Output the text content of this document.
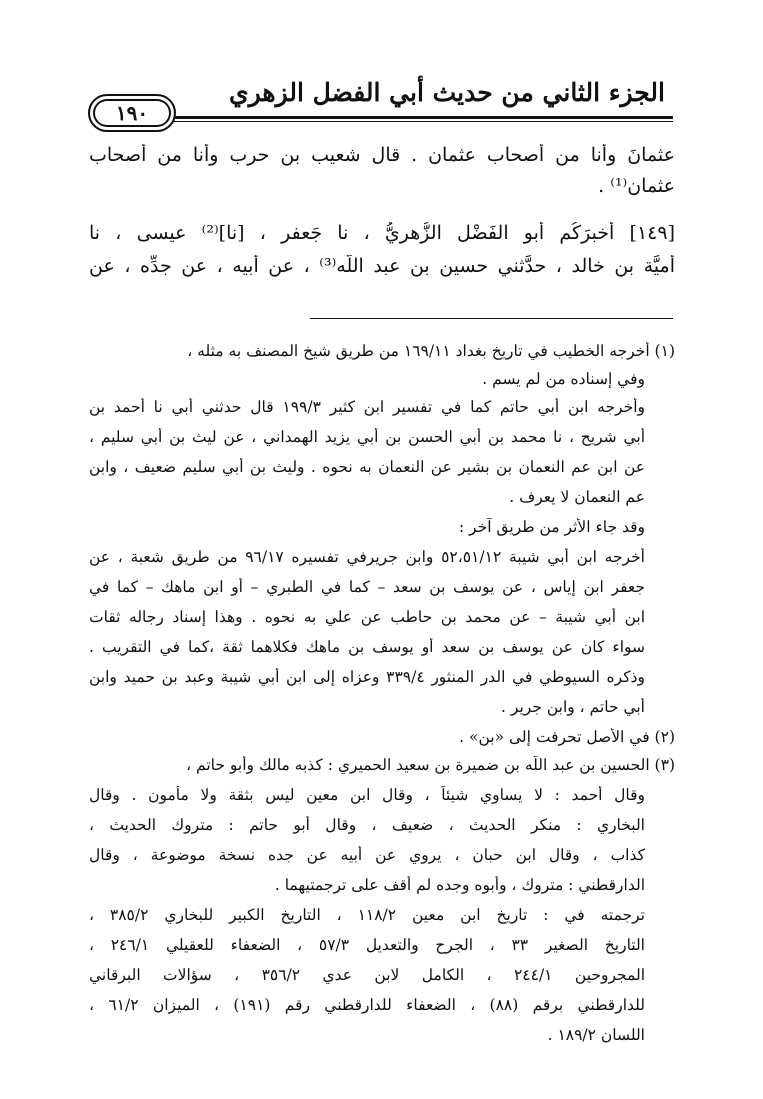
الجزء الثاني من حديث أبي الفضل الزهري
١٩٠
عثمانَ وأنا من أصحاب عثمان . قال شعيب بن حرب وأنا من أصحاب
عثمان⁽¹⁾ .
[١٤٩] أخبرَكُم أبو الفَضْل الزُّهريُّ ، نا جَعفر ، [نا]⁽²⁾ عيسى ، نا
أميَّة بن خالد ، حدَّثني حسين بن عبد اللّه⁽³⁾ ، عن أبيه ، عن جدِّه ، عن
(١) أخرجه الخطيب في تاريخ بغداد ١٦٩/١١ من طريق شيخ المصنف به مثله ،
وفي إسناده من لم يسم .
وأخرجه ابن أبي حاتم كما في تفسير ابن كثير ١٩٩/٣ قال حدثني أبي نا أحمد بن
أبي شريح ، نا محمد بن أبي الحسن بن أبي يزيد الهمداني ، عن ليث بن أبي سليم ،
عن ابن عم النعمان بن بشير عن النعمان به نحوه . وليث بن أبي سليم ضعيف ، وابن
عم النعمان لا يعرف .
وقد جاء الأثر من طريق آخر :
أخرجه ابن أبي شيبة ٥٢،٥١/١٢ وابن جريرفي تفسيره ٩٦/١٧ من طريق شعبة ، عن
جعفر ابن إياس ، عن يوسف بن سعد – كما في الطبري – أو ابن ماهك – كما في
ابن أبي شيبة – عن محمد بن حاطب عن علي به نحوه . وهذا إسناد رجاله ثقات
سواء كان عن يوسف بن سعد أو يوسف بن ماهك فكلاهما ثقة ،كما في التقريب .
وذكره السيوطي في الدر المنثور ٣٣٩/٤ وعزاه إلى ابن أبي شيبة وعبد بن حميد وابن
أبي حاتم ، وابن جرير .
(٢) في الأصل تحرفت إلى «بن» .
(٣) الحسين بن عبد اللّه بن ضميرة بن سعيد الحميري : كذبه مالك وأبو حاتم ،
وقال أحمد : لا يساوي شيئاً ، وقال ابن معين ليس بثقة ولا مأمون . وقال
البخاري : منكر الحديث ، ضعيف ، وقال أبو حاتم : متروك الحديث ،
كذاب ، وقال ابن حبان ، يروي عن أبيه عن جده نسخة موضوعة ، وقال
الدارقطني : متروك ، وأبوه وجده لم أقف على ترجمتيهما .
ترجمته في : تاريخ ابن معين ١١٨/٢ ، التاريخ الكبير للبخاري ٣٨٥/٢ ،
التاريخ الصغير ٣٣ ، الجرح والتعديل ٥٧/٣ ، الضعفاء للعقيلي ٢٤٦/١ ،
المجروحين ٢٤٤/١ ، الكامل لابن عدي ٣٥٦/٢ ، سؤالات البرقاني
للدارقطني برقم (٨٨) ، الضعفاء للدارقطني رقم (١٩١) ، الميزان ٦١/٢ ،
اللسان ١٨٩/٢ .
